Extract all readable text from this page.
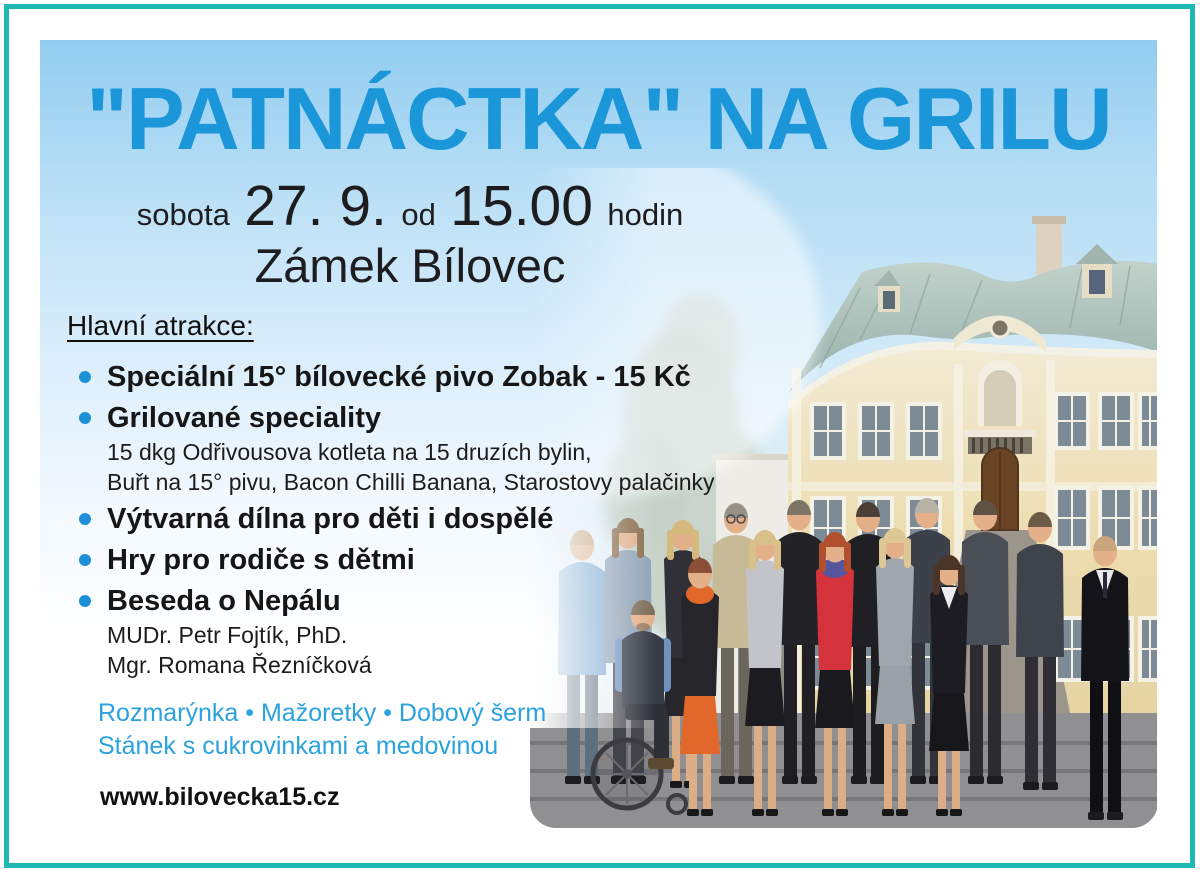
"PATNÁCTKA" NA GRILU
sobota 27. 9. od 15.00 hodin
Zámek Bílovec
Hlavní atrakce:
Speciální 15° bílovecké pivo Zobak - 15 Kč
Grilované speciality
15 dkg Odřivousova kotleta na 15 druzích bylin,
Buřt na 15° pivu, Bacon Chilli Banana, Starostovy palačinky
Výtvarná dílna pro děti i dospělé
Hry pro rodiče s dětmi
Beseda o Nepálu
MUDr. Petr Fojtík, PhD.
Mgr. Romana Řezníčková
Rozmarýnka • Mažoretky • Dobový šerm
Stánek s cukrovinkami a medovinou
www.bilovecka15.cz
